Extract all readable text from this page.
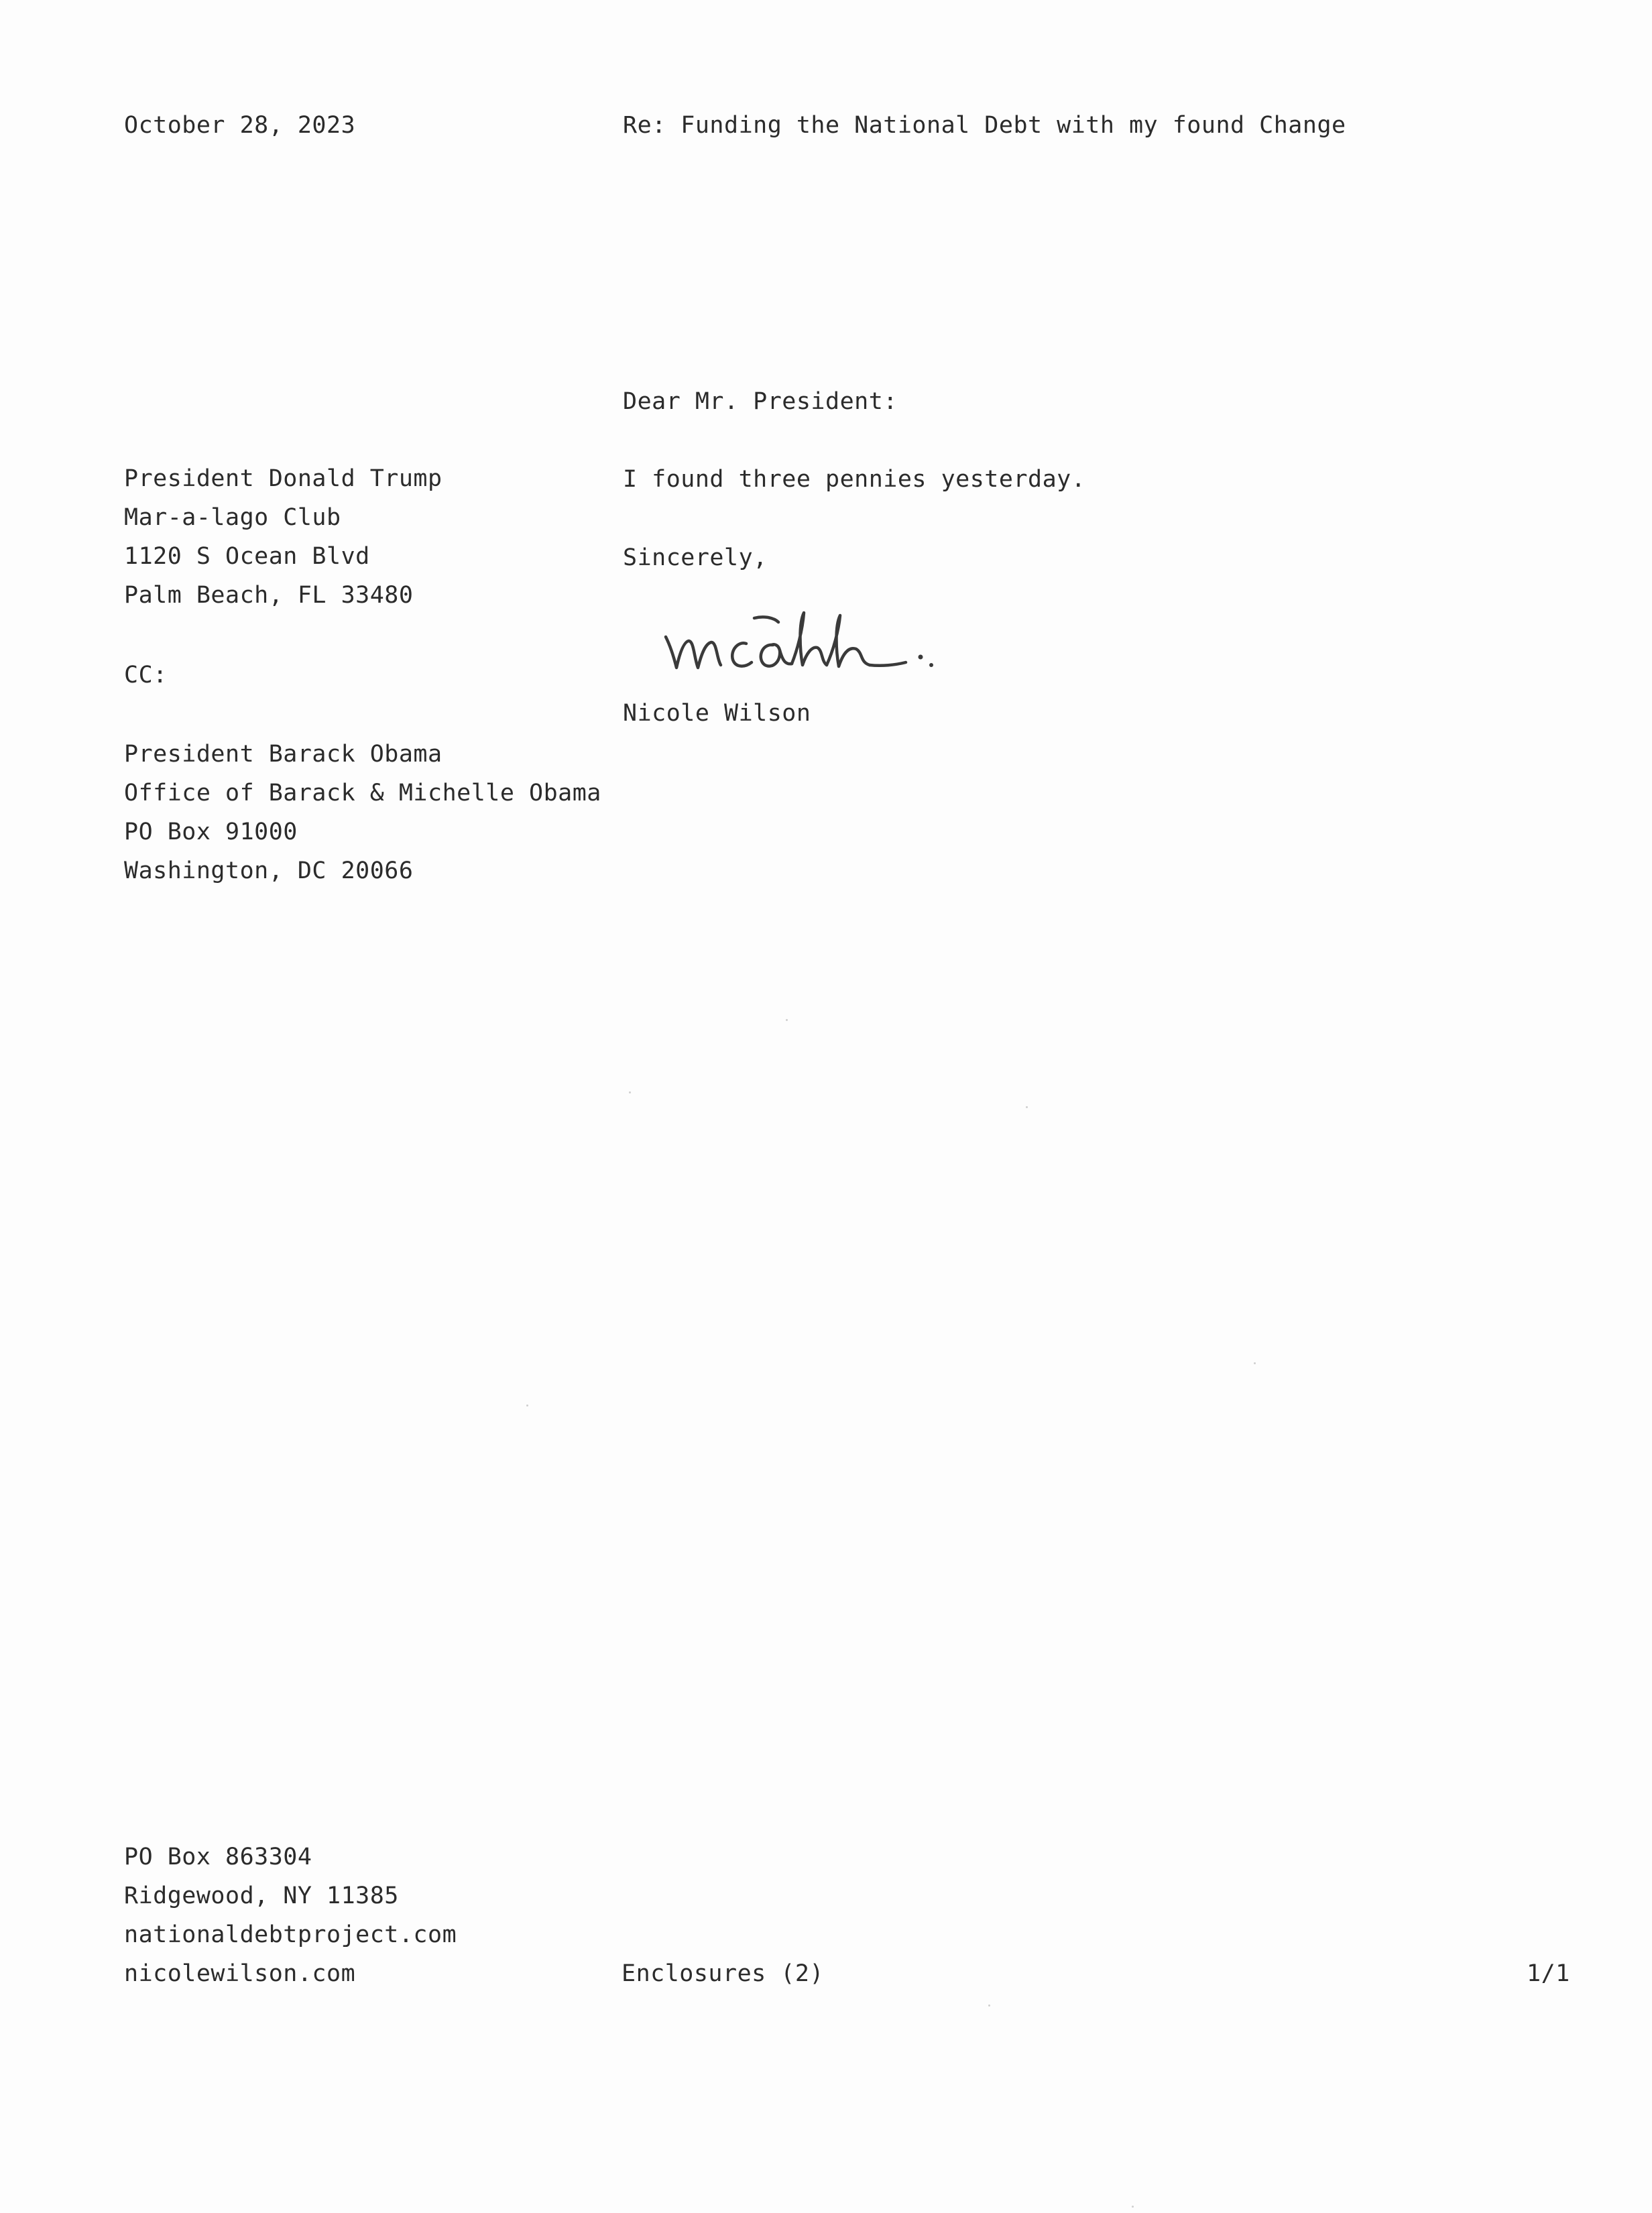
October 28, 2023	Re: Funding the National Debt with my found Change
President Donald Trump
Mar-a-lago Club
1120 S Ocean Blvd
Palm Beach, FL 33480
CC:
President Barack Obama
Office of Barack & Michelle Obama
PO Box 91000
Washington, DC 20066
Dear Mr. President:
I found three pennies yesterday.
Sincerely,
Nicole Wilson
PO Box 863304
Ridgewood, NY 11385
nationaldebtproject.com
nicolewilson.com	Enclosures (2)	1/1
